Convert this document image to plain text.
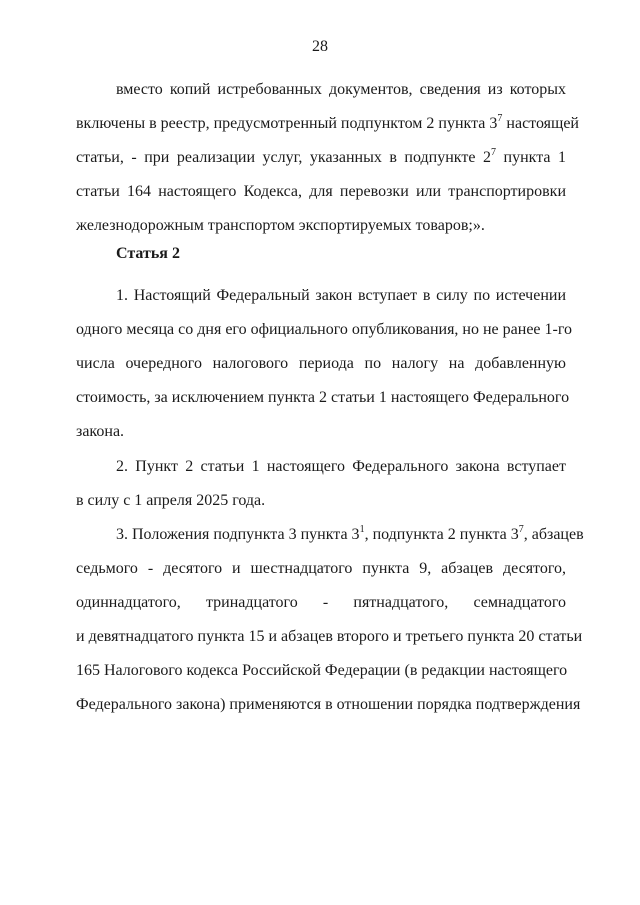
28
вместо копий истребованных документов, сведения из которых
включены в реестр, предусмотренный подпунктом 2 пункта $3^7$ настоящей
статьи, - при реализации услуг, указанных в подпункте $2^7$ пункта 1
статьи 164 настоящего Кодекса, для перевозки или транспортировки
железнодорожным транспортом экспортируемых товаров;».
Статья 2
1. Настоящий Федеральный закон вступает в силу по истечении
одного месяца со дня его официального опубликования, но не ранее 1-го
числа очередного налогового периода по налогу на добавленную
стоимость, за исключением пункта 2 статьи 1 настоящего Федерального
закона.
2. Пункт 2 статьи 1 настоящего Федерального закона вступает
в силу с 1 апреля 2025 года.
3. Положения подпункта 3 пункта $3^1$, подпункта 2 пункта $3^7$, абзацев
седьмого - десятого и шестнадцатого пункта 9, абзацев десятого,
одиннадцатого, тринадцатого - пятнадцатого, семнадцатого
и девятнадцатого пункта 15 и абзацев второго и третьего пункта 20 статьи
165 Налогового кодекса Российской Федерации (в редакции настоящего
Федерального закона) применяются в отношении порядка подтверждения
